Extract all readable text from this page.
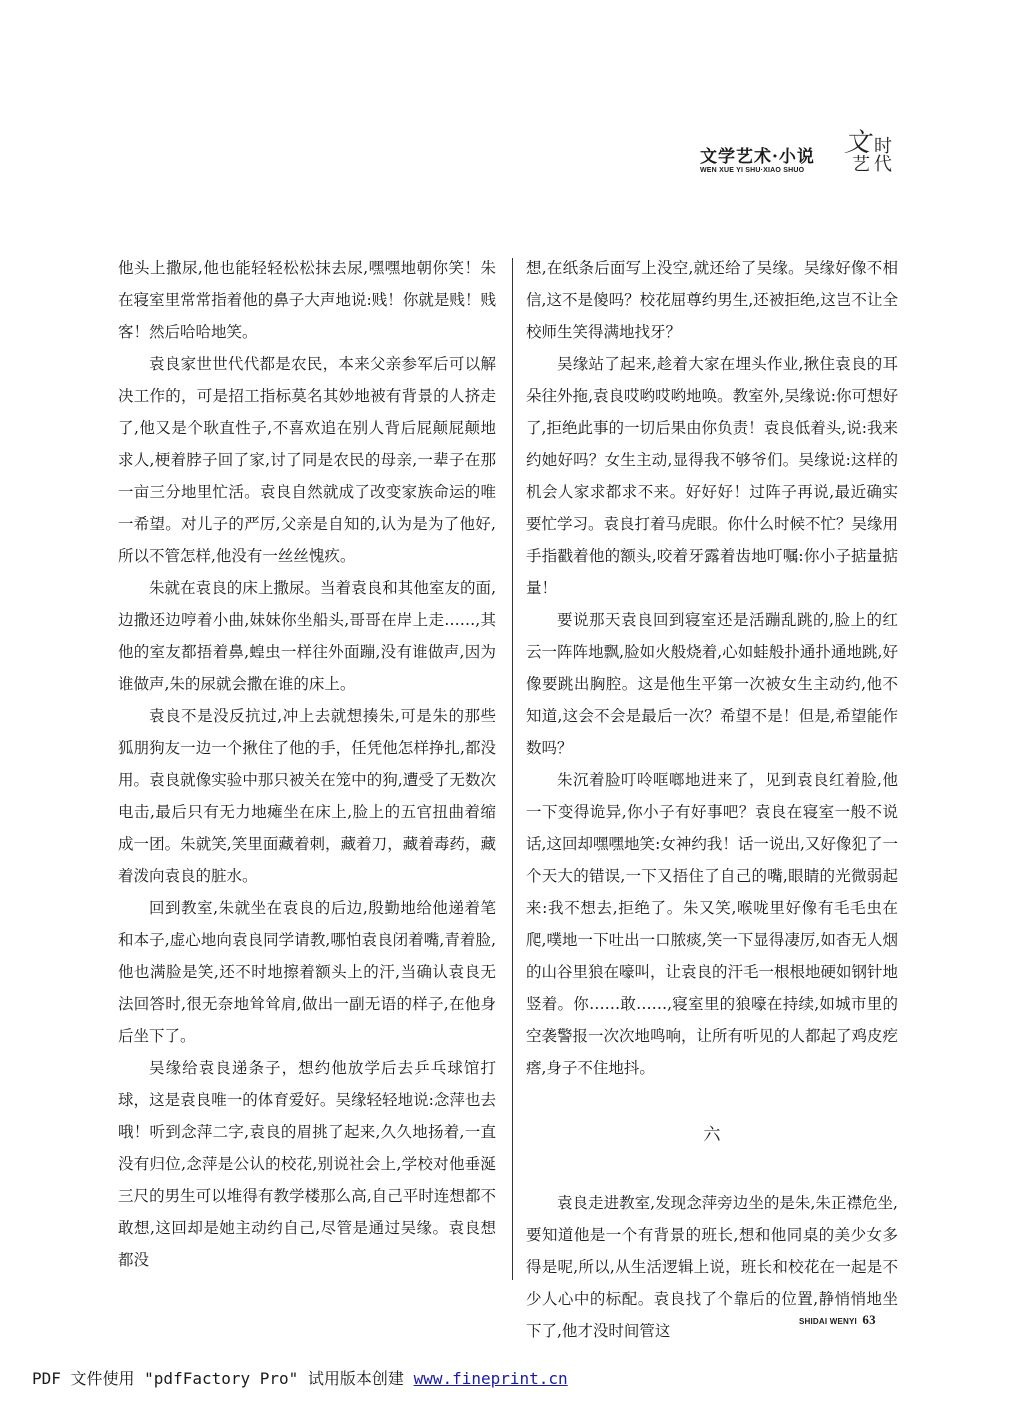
文学艺术·小说
WEN XUE YI SHU·XIAO SHUO
文 时
艺 代

他头上撒尿,他也能轻轻松松抹去尿,嘿嘿地朝你笑！朱在寝室里常常指着他的鼻子大声地说:贱！你就是贱！贱客！然后哈哈地笑。

袁良家世世代代都是农民，本来父亲参军后可以解决工作的，可是招工指标莫名其妙地被有背景的人挤走了,他又是个耿直性子,不喜欢追在别人背后屁颠屁颠地求人,梗着脖子回了家,讨了同是农民的母亲,一辈子在那一亩三分地里忙活。袁良自然就成了改变家族命运的唯一希望。对儿子的严厉,父亲是自知的,认为是为了他好,所以不管怎样,他没有一丝丝愧疚。

朱就在袁良的床上撒尿。当着袁良和其他室友的面,边撒还边哼着小曲,妹妹你坐船头,哥哥在岸上走……,其他的室友都捂着鼻,蝗虫一样往外面蹦,没有谁做声,因为谁做声,朱的尿就会撒在谁的床上。

袁良不是没反抗过,冲上去就想揍朱,可是朱的那些狐朋狗友一边一个揪住了他的手，任凭他怎样挣扎,都没用。袁良就像实验中那只被关在笼中的狗,遭受了无数次电击,最后只有无力地瘫坐在床上,脸上的五官扭曲着缩成一团。朱就笑,笑里面藏着刺，藏着刀，藏着毒药，藏着泼向袁良的脏水。

回到教室,朱就坐在袁良的后边,殷勤地给他递着笔和本子,虚心地向袁良同学请教,哪怕袁良闭着嘴,青着脸,他也满脸是笑,还不时地擦着额头上的汗,当确认袁良无法回答时,很无奈地耸耸肩,做出一副无语的样子,在他身后坐下了。

吴缘给袁良递条子，想约他放学后去乒乓球馆打球，这是袁良唯一的体育爱好。吴缘轻轻地说:念萍也去哦！听到念萍二字,袁良的眉挑了起来,久久地扬着,一直没有归位,念萍是公认的校花,别说社会上,学校对他垂涎三尺的男生可以堆得有教学楼那么高,自己平时连想都不敢想,这回却是她主动约自己,尽管是通过吴缘。袁良想都没

想,在纸条后面写上没空,就还给了吴缘。吴缘好像不相信,这不是傻吗？校花屈尊约男生,还被拒绝,这岂不让全校师生笑得满地找牙？

吴缘站了起来,趁着大家在埋头作业,揪住袁良的耳朵往外拖,袁良哎哟哎哟地唤。教室外,吴缘说:你可想好了,拒绝此事的一切后果由你负责！袁良低着头,说:我来约她好吗？女生主动,显得我不够爷们。吴缘说:这样的机会人家求都求不来。好好好！过阵子再说,最近确实要忙学习。袁良打着马虎眼。你什么时候不忙？吴缘用手指戳着他的额头,咬着牙露着齿地叮嘱:你小子掂量掂量！

要说那天袁良回到寝室还是活蹦乱跳的,脸上的红云一阵阵地飘,脸如火般烧着,心如蛙般扑通扑通地跳,好像要跳出胸腔。这是他生平第一次被女生主动约,他不知道,这会不会是最后一次？希望不是！但是,希望能作数吗？

朱沉着脸叮呤哐啷地进来了，见到袁良红着脸,他一下变得诡异,你小子有好事吧？袁良在寝室一般不说话,这回却嘿嘿地笑:女神约我！话一说出,又好像犯了一个天大的错误,一下又捂住了自己的嘴,眼睛的光微弱起来:我不想去,拒绝了。朱又笑,喉咙里好像有毛毛虫在爬,噗地一下吐出一口脓痰,笑一下显得凄厉,如杳无人烟的山谷里狼在嚎叫，让袁良的汗毛一根根地硬如钢针地竖着。你……敢……,寝室里的狼嚎在持续,如城市里的空袭警报一次次地鸣响，让所有听见的人都起了鸡皮疙瘩,身子不住地抖。

六

袁良走进教室,发现念萍旁边坐的是朱,朱正襟危坐,要知道他是一个有背景的班长,想和他同桌的美少女多得是呢,所以,从生活逻辑上说，班长和校花在一起是不少人心中的标配。袁良找了个靠后的位置,静悄悄地坐下了,他才没时间管这

SHIDAI WENYI 63
PDF 文件使用 "pdfFactory Pro" 试用版本创建 www.fineprint.cn
